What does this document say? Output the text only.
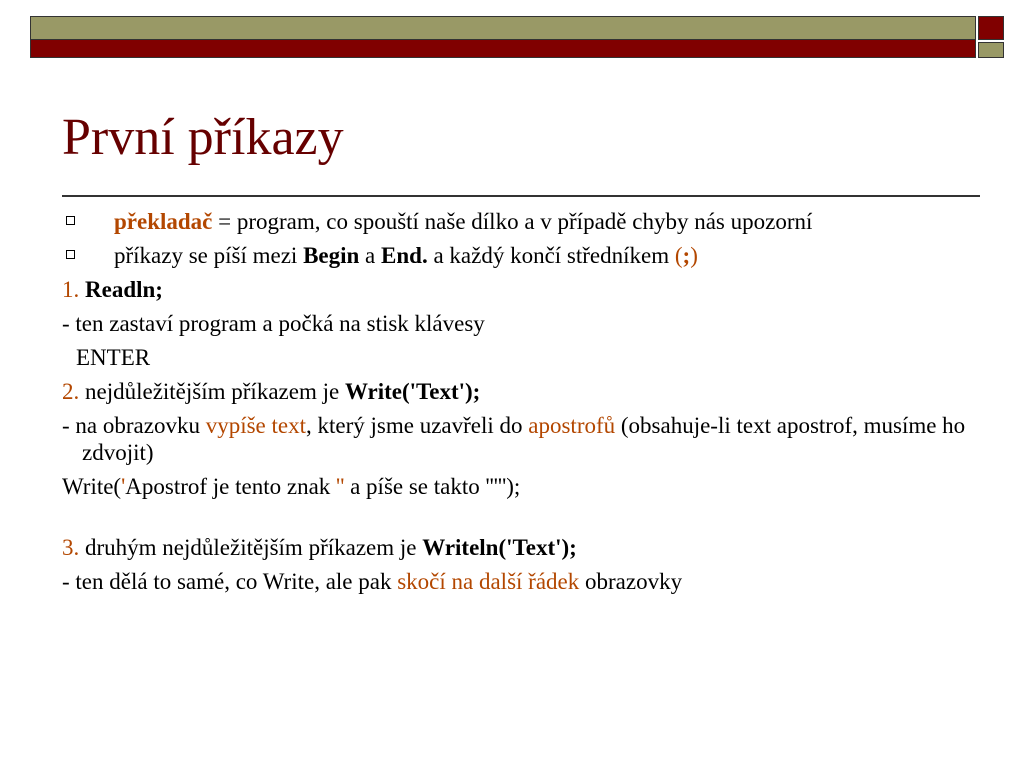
První příkazy
překladač = program, co spouští naše dílko a v případě chyby nás upozorní
příkazy se píší mezi Begin a End. a každý končí středníkem (;)
1. Readln;
- ten zastaví program a počká na stisk klávesy
ENTER
2. nejdůležitějším příkazem je Write('Text');
- na obrazovku vypíše text, který jsme uzavřeli do apostrofů (obsahuje-li text apostrof, musíme ho zdvojit)
Write('Apostrof je tento znak '' a píše se takto ''''');
3. druhým nejdůležitějším příkazem je Writeln('Text');
- ten dělá to samé, co Write, ale pak skočí na další řádek obrazovky
